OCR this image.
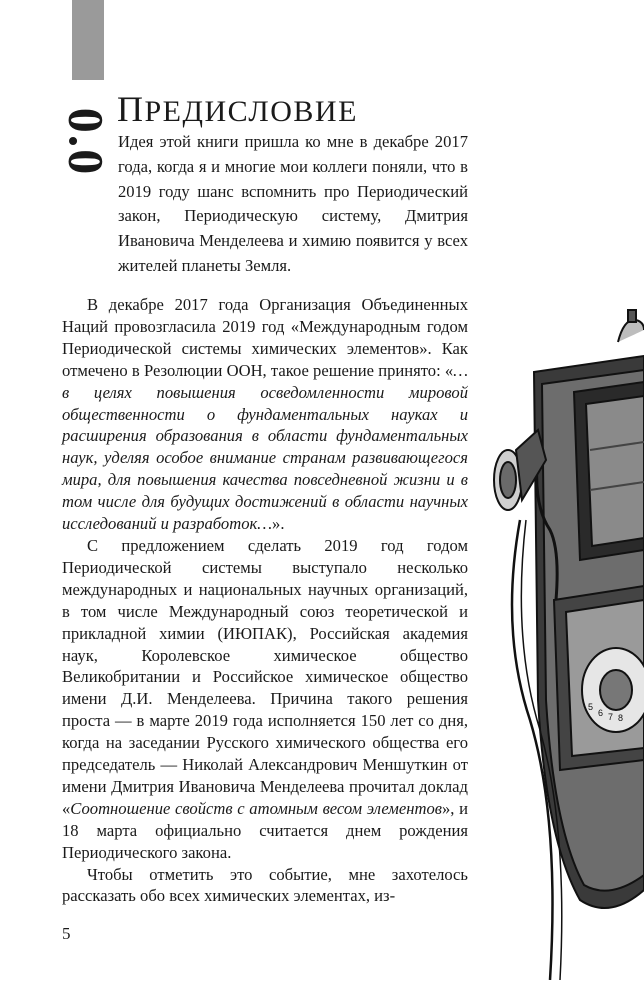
0.0 ПРЕДИСЛОВИЕ

Идея этой книги пришла ко мне в декабре 2017 года, когда я и многие мои коллеги поняли, что в 2019 году шанс вспомнить про Периодический закон, Периодическую систему, Дмитрия Ивановича Менделеева и химию появится у всех жителей планеты Земля.

В декабре 2017 года Организация Объединенных Наций провозгласила 2019 год «Международным годом Периодической системы химических элементов». Как отмечено в Резолюции ООН, такое решение принято: «…в целях повышения осведомленности мировой общественности о фундаментальных науках и расширения образования в области фундаментальных наук, уделяя особое внимание странам развивающегося мира, для повышения качества повседневной жизни и в том числе для будущих достижений в области научных исследований и разработок…».

С предложением сделать 2019 год годом Периодической системы выступало несколько международных и национальных научных организаций, в том числе Международный союз теоретической и прикладной химии (ИЮПАК), Российская академия наук, Королевское химическое общество Великобритании и Российское химическое общество имени Д.И. Менделеева. Причина такого решения проста — в марте 2019 года исполняется 150 лет со дня, когда на заседании Русского химического общества его председатель — Николай Александрович Меншуткин от имени Дмитрия Ивановича Менделеева прочитал доклад «Соотношение свойств с атомным весом элементов», и 18 марта официально считается днем рождения Периодического закона.

Чтобы отметить это событие, мне захотелось рассказать обо всех химических элементах, из-

5
5
6 7 8
